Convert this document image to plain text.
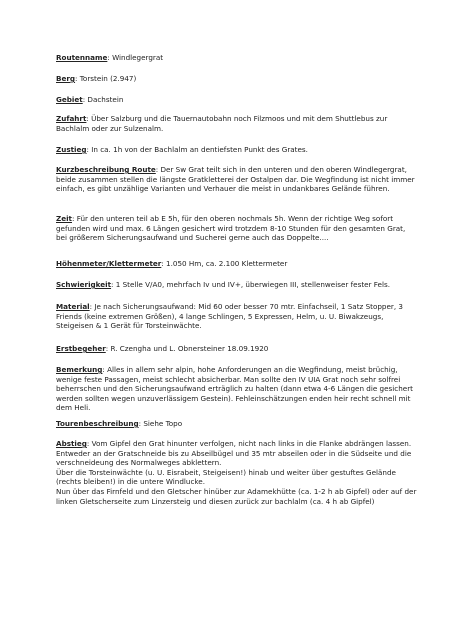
Routenname: Windlegergrat

Berg: Torstein (2.947)

Gebiet: Dachstein

Zufahrt: Über Salzburg und die Tauernautobahn noch Filzmoos und mit dem Shuttlebus zur Bachlalm oder zur Sulzenalm.

Zustieg: In ca. 1h von der Bachlalm an dentiefsten Punkt des Grates.

Kurzbeschreibung Route: Der Sw Grat teilt sich in den unteren und den oberen Windlegergrat, beide zusammen stellen die längste Gratkletterei der Ostalpen dar. Die Wegfindung ist nicht immer einfach, es gibt unzählige Varianten und Verhauer die meist in undankbares Gelände führen.

Zeit: Für den unteren teil ab E 5h, für den oberen nochmals 5h. Wenn der richtige Weg sofort gefunden wird und max. 6 Längen gesichert wird trotzdem 8-10 Stunden für den gesamten Grat, bei größerem Sicherungsaufwand und Sucherei gerne auch das Doppelte....

Höhenmeter/Klettermeter: 1.050 Hm, ca. 2.100 Klettermeter

Schwierigkeit: 1 Stelle V/A0, mehrfach Iv und IV+, überwiegen III, stellenweiser fester Fels.

Material: Je nach Sicherungsaufwand: Mid 60 oder besser 70 mtr. Einfachseil, 1 Satz Stopper, 3 Friends (keine extremen Größen), 4 lange Schlingen, 5 Expressen, Helm, u. U. Biwakzeugs, Steigeisen & 1 Gerät für Torsteinwächte.

Erstbegeher: R. Czengha und L. Obnersteiner 18.09.1920

Bemerkung: Alles in allem sehr alpin, hohe Anforderungen an die Wegfindung, meist brüchig, wenige feste Passagen, meist schlecht absicherbar. Man sollte den IV UIA Grat noch sehr solfrei beherrschen und den Sicherungsaufwand erträglich zu halten (dann etwa 4-6 Längen die gesichert werden sollten wegen unzuverlässigem Gestein). Fehleinschätzungen enden heir recht schnell mit dem Heli.

Tourenbeschreibung: Siehe Topo

Abstieg: Vom Gipfel den Grat hinunter verfolgen, nicht nach links in die Flanke abdrängen lassen. Entweder an der Gratschneide bis zu Abseilbügel und 35 mtr abseilen oder in die Südseite und die verschneideung des Normalweges abklettern.

Über die Torsteinwächte (u. U. Eisrabeit, Steigeisen!) hinab und weiter über gestuftes Gelände (rechts bleiben!) in die untere Windlucke.

Nun über das Firnfeld und den Gletscher hinüber zur Adamekhütte (ca. 1-2 h ab Gipfel) oder auf der linken Gletscherseite zum Linzersteig und diesen zurück zur bachlalm (ca. 4 h ab Gipfel)
